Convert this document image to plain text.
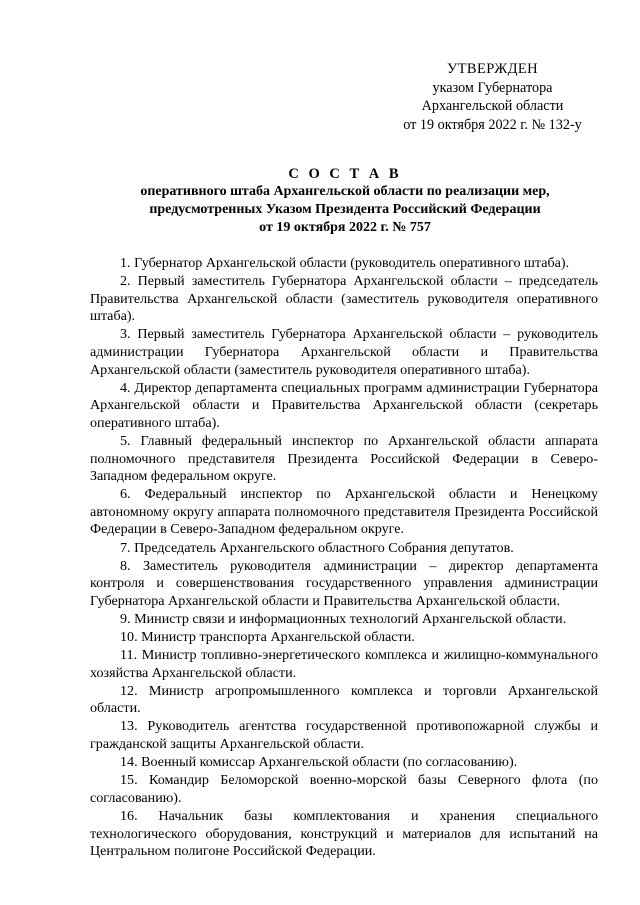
УТВЕРЖДЕН
указом Губернатора
Архангельской области
от 19 октября 2022 г. № 132-у
С О С Т А В
оперативного штаба Архангельской области по реализации мер,
предусмотренных Указом Президента Российский Федерации
от 19 октября 2022 г. № 757

1. Губернатор Архангельской области (руководитель оперативного штаба).

2. Первый заместитель Губернатора Архангельской области – председатель Правительства Архангельской области (заместитель руководителя оперативного штаба).

3. Первый заместитель Губернатора Архангельской области – руководитель администрации Губернатора Архангельской области и Правительства Архангельской области (заместитель руководителя оперативного штаба).

4. Директор департамента специальных программ администрации Губернатора Архангельской области и Правительства Архангельской области (секретарь оперативного штаба).

5. Главный федеральный инспектор по Архангельской области аппарата полномочного представителя Президента Российской Федерации в Северо-Западном федеральном округе.

6. Федеральный инспектор по Архангельской области и Ненецкому автономному округу аппарата полномочного представителя Президента Российской Федерации в Северо-Западном федеральном округе.

7. Председатель Архангельского областного Собрания депутатов.

8. Заместитель руководителя администрации – директор департамента контроля и совершенствования государственного управления администрации Губернатора Архангельской области и Правительства Архангельской области.

9. Министр связи и информационных технологий Архангельской области.

10. Министр транспорта Архангельской области.

11. Министр топливно-энергетического комплекса и жилищно-коммунального хозяйства Архангельской области.

12. Министр агропромышленного комплекса и торговли Архангельской области.

13. Руководитель агентства государственной противопожарной службы и гражданской защиты Архангельской области.

14. Военный комиссар Архангельской области (по согласованию).

15. Командир Беломорской военно-морской базы Северного флота (по согласованию).

16. Начальник базы комплектования и хранения специального технологического оборудования, конструкций и материалов для испытаний на Центральном полигоне Российской Федерации.
